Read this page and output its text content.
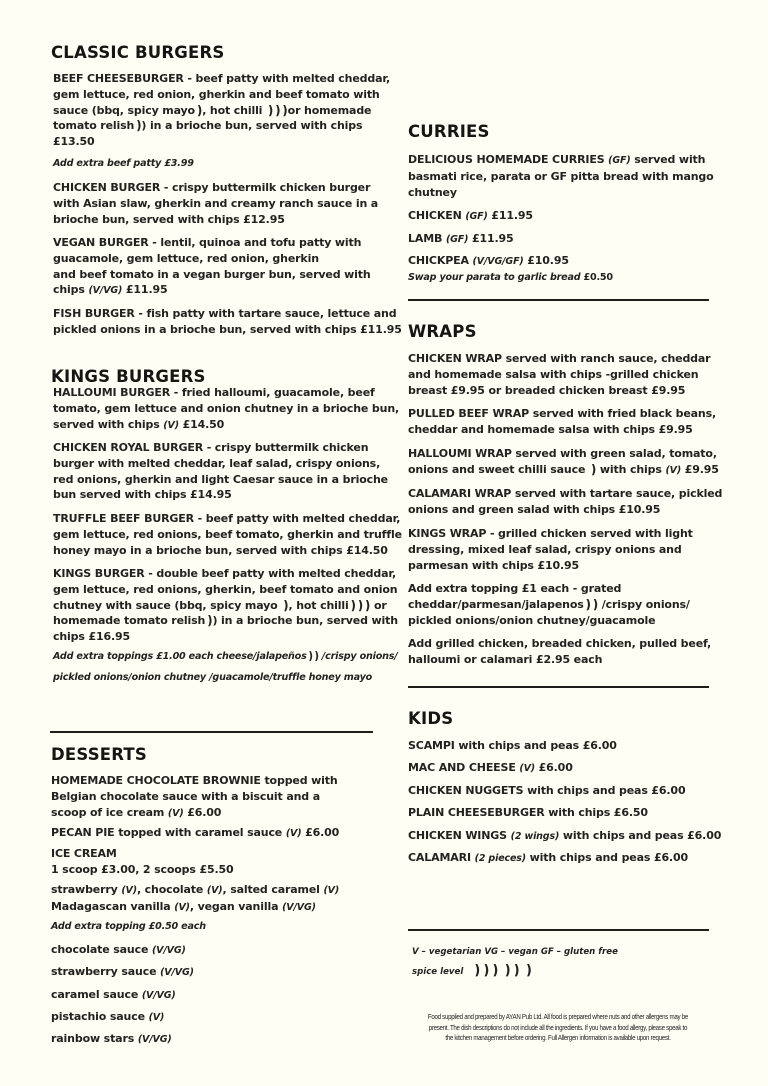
CLASSIC BURGERS
BEEF CHEESEBURGER - beef patty with melted cheddar,
gem lettuce, red onion, gherkin and beef tomato with
sauce (bbq, spicy mayo❫, hot chilli ❫❫❫or homemade
tomato relish❫) in a brioche bun, served with chips
£13.50
Add extra beef patty £3.99
CHICKEN BURGER - crispy buttermilk chicken burger
with Asian slaw, gherkin and creamy ranch sauce in a
brioche bun, served with chips £12.95
VEGAN BURGER - lentil, quinoa and tofu patty with
guacamole, gem lettuce, red onion, gherkin
and beef tomato in a vegan burger bun, served with
chips (V/VG) £11.95
FISH BURGER - fish patty with tartare sauce, lettuce and
pickled onions in a brioche bun, served with chips £11.95
KINGS BURGERS
HALLOUMI BURGER - fried halloumi, guacamole, beef
tomato, gem lettuce and onion chutney in a brioche bun,
served with chips (V) £14.50
CHICKEN ROYAL BURGER - crispy buttermilk chicken
burger with melted cheddar, leaf salad, crispy onions,
red onions, gherkin and light Caesar sauce in a brioche
bun served with chips £14.95
TRUFFLE BEEF BURGER - beef patty with melted cheddar,
gem lettuce, red onions, beef tomato, gherkin and truffle
honey mayo in a brioche bun, served with chips £14.50
KINGS BURGER - double beef patty with melted cheddar,
gem lettuce, red onions, gherkin, beef tomato and onion
chutney with sauce (bbq, spicy mayo ❫, hot chilli❫❫❫ or
homemade tomato relish❫) in a brioche bun, served with
chips £16.95
Add extra toppings £1.00 each cheese/jalapeños❫❫ /crispy onions/
pickled onions/onion chutney /guacamole/truffle honey mayo
DESSERTS
HOMEMADE CHOCOLATE BROWNIE topped with
Belgian chocolate sauce with a biscuit and a
scoop of ice cream (V) £6.00
PECAN PIE topped with caramel sauce (V) £6.00
ICE CREAM
1 scoop £3.00, 2 scoops £5.50
strawberry (V), chocolate (V), salted caramel (V)
Madagascan vanilla (V), vegan vanilla (V/VG)
Add extra topping £0.50 each
chocolate sauce (V/VG)
strawberry sauce (V/VG)
caramel sauce (V/VG)
pistachio sauce (V)
rainbow stars (V/VG)
CURRIES
DELICIOUS HOMEMADE CURRIES (GF) served with
basmati rice, parata or GF pitta bread with mango
chutney
CHICKEN (GF) £11.95
LAMB (GF) £11.95
CHICKPEA (V/VG/GF) £10.95
Swap your parata to garlic bread £0.50
WRAPS
CHICKEN WRAP served with ranch sauce, cheddar
and homemade salsa with chips -grilled chicken
breast £9.95 or breaded chicken breast £9.95
PULLED BEEF WRAP served with fried black beans,
cheddar and homemade salsa with chips £9.95
HALLOUMI WRAP served with green salad, tomato,
onions and sweet chilli sauce ❫ with chips (V) £9.95
CALAMARI WRAP served with tartare sauce, pickled
onions and green salad with chips £10.95
KINGS WRAP - grilled chicken served with light
dressing, mixed leaf salad, crispy onions and
parmesan with chips £10.95
Add extra topping £1 each - grated
cheddar/parmesan/jalapenos❫❫ /crispy onions/
pickled onions/onion chutney/guacamole
Add grilled chicken, breaded chicken, pulled beef,
halloumi or calamari £2.95 each
KIDS
SCAMPI with chips and peas £6.00
MAC AND CHEESE (V) £6.00
CHICKEN NUGGETS with chips and peas £6.00
PLAIN CHEESEBURGER with chips £6.50
CHICKEN WINGS (2 wings) with chips and peas £6.00
CALAMARI (2 pieces) with chips and peas £6.00
V – vegetarian VG – vegan GF – gluten free
spice level ❫❫❫ ❫❫ ❫
Food supplied and prepared by AYAN Pub Ltd. All food is prepared where nuts and other allergens may be
present. The dish descriptions do not include all the ingredients. If you have a food allergy, please speak to
the kitchen management before ordering. Full Allergen information is available upon request.
